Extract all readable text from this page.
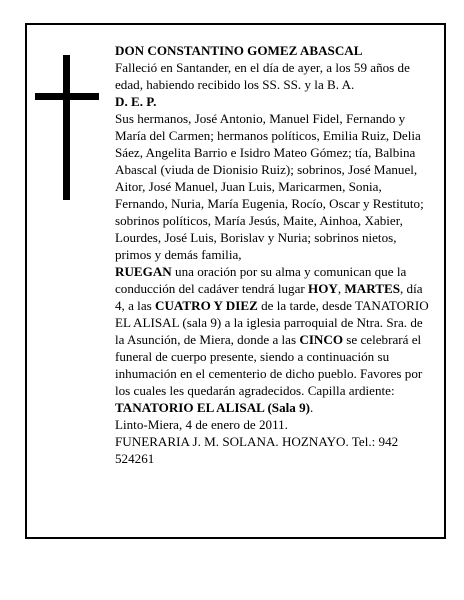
DON CONSTANTINO GOMEZ ABASCAL

Falleció en Santander, en el día de ayer, a los 59 años de edad, habiendo recibido los SS. SS. y la B. A.

D. E. P.

Sus hermanos, José Antonio, Manuel Fidel, Fernando y María del Carmen; hermanos políticos, Emilia Ruiz, Delia Sáez, Angelita Barrio e Isidro Mateo Gómez; tía, Balbina Abascal (viuda de Dionisio Ruiz); sobrinos, José Manuel, Aitor, José Manuel, Juan Luis, Maricarmen, Sonia, Fernando, Nuria, María Eugenia, Rocío, Oscar y Restituto; sobrinos políticos, María Jesús, Maite, Ainhoa, Xabier, Lourdes, José Luis, Borislav y Nuria; sobrinos nietos, primos y demás familia,

RUEGAN una oración por su alma y comunican que la conducción del cadáver tendrá lugar HOY, MARTES, día 4, a las CUATRO Y DIEZ de la tarde, desde TANATORIO EL ALISAL (sala 9) a la iglesia parroquial de Ntra. Sra. de la Asunción, de Miera, donde a las CINCO se celebrará el funeral de cuerpo presente, siendo a continuación su inhumación en el cementerio de dicho pueblo. Favores por los cuales les quedarán agradecidos. Capilla ardiente: TANATORIO EL ALISAL (Sala 9).

Linto-Miera, 4 de enero de 2011.

FUNERARIA J. M. SOLANA. HOZNAYO. Tel.: 942 524261
